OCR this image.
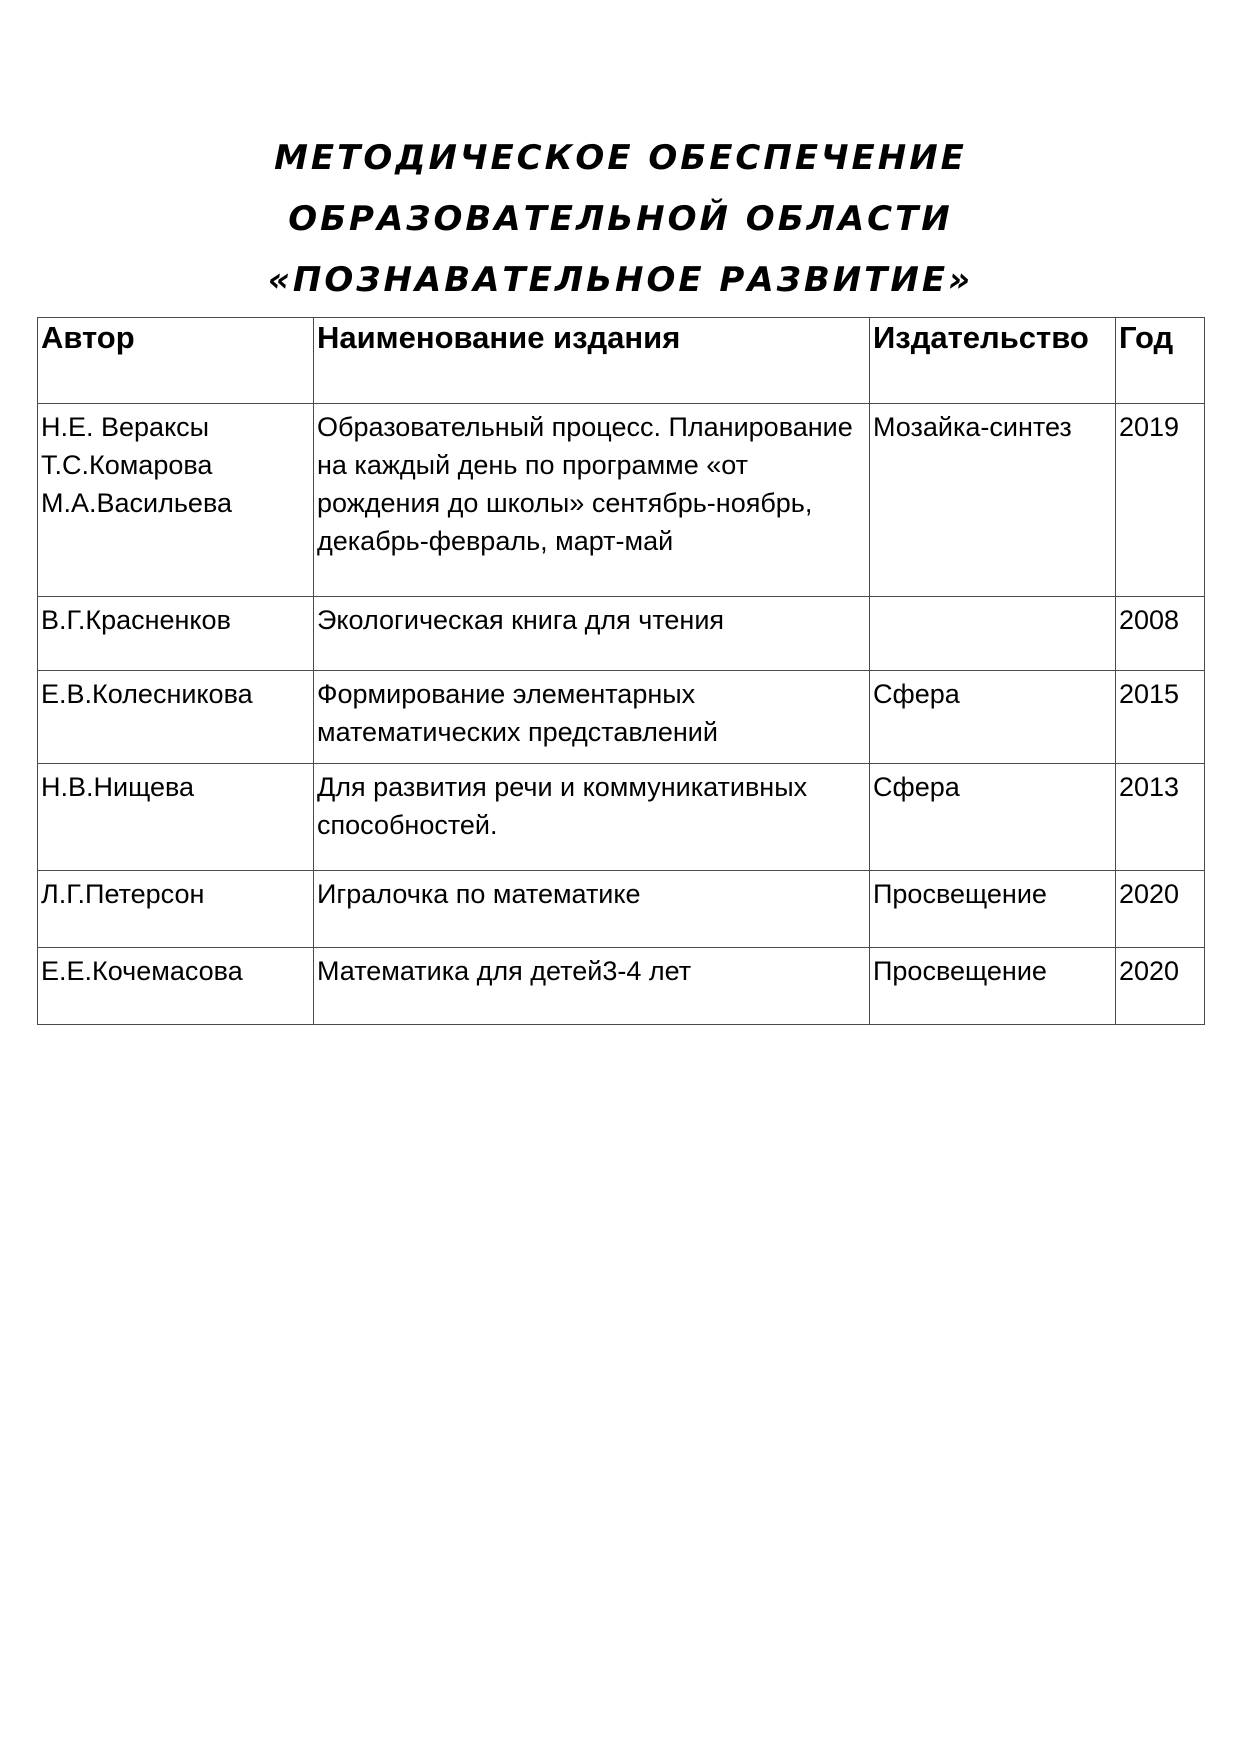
МЕТОДИЧЕСКОЕ ОБЕСПЕЧЕНИЕ
ОБРАЗОВАТЕЛЬНОЙ ОБЛАСТИ
«ПОЗНАВАТЕЛЬНОЕ РАЗВИТИЕ»
Автор	Наименование издания	Издательство	Год

Н.Е. Вераксы
Т.С.Комарова
М.А.Васильева	Образовательный процесс. Планирование на каждый день по программе «от рождения до школы» сентябрь-ноябрь, декабрь-февраль, март-май	Мозайка-синтез	2019
В.Г.Красненков	Экологическая книга для чтения		2008
Е.В.Колесникова	Формирование элементарных математических представлений	Сфера	2015
Н.В.Нищева	Для развития речи и коммуникативных способностей.	Сфера	2013
Л.Г.Петерсон	Игралочка по математике	Просвещение	2020
Е.Е.Кочемасова	Математика для детей3-4 лет	Просвещение	2020
